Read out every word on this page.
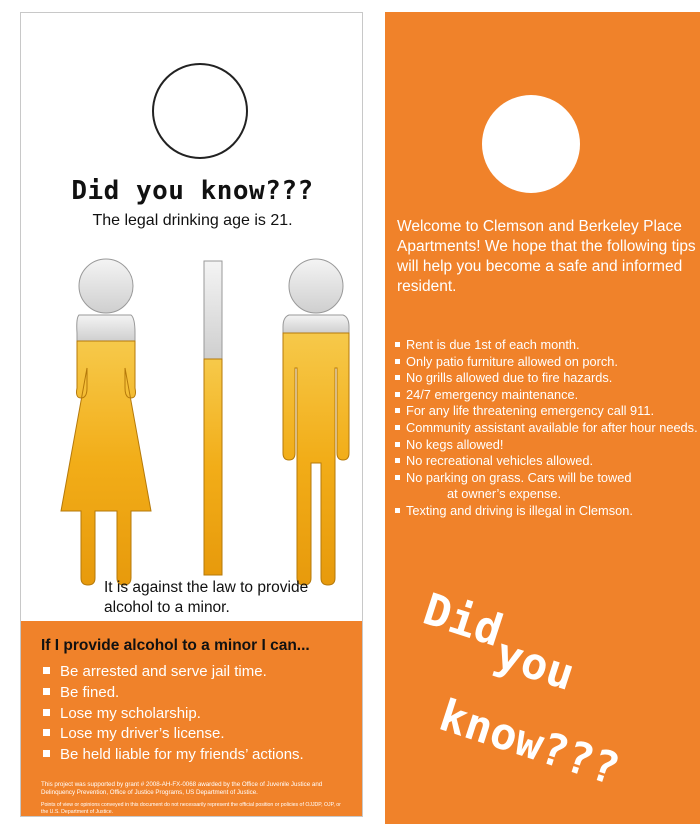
Did you know???
The legal drinking age is 21.
It is against the law to provide alcohol to a minor.
If I provide alcohol to a minor I can...
Be arrested and serve jail time.
Be fined.
Lose my scholarship.
Lose my driver’s license.
Be held liable for my friends’ actions.
This project was supported by grant # 2008-AH-FX-0068 awarded by the Office of Juvenile Justice and Delinquency Prevention, Office of Justice Programs, US Department of Justice.
Points of view or opinions conveyed in this document do not necessarily represent the official position or policies of OJJDP, OJP, or the U.S. Department of Justice.
Welcome to Clemson and Berkeley Place Apartments! We hope that the following tips will help you become a safe and informed resident.
Rent is due 1st of each month.
Only patio furniture allowed on porch.
No grills allowed due to fire hazards.
24/7 emergency maintenance.
For any life threatening emergency call 911.
Community assistant available for after hour needs.
No kegs allowed!
No recreational vehicles allowed.
No parking on grass. Cars will be towed
at owner’s expense.
Texting and driving is illegal in Clemson.
Did
you
know???
